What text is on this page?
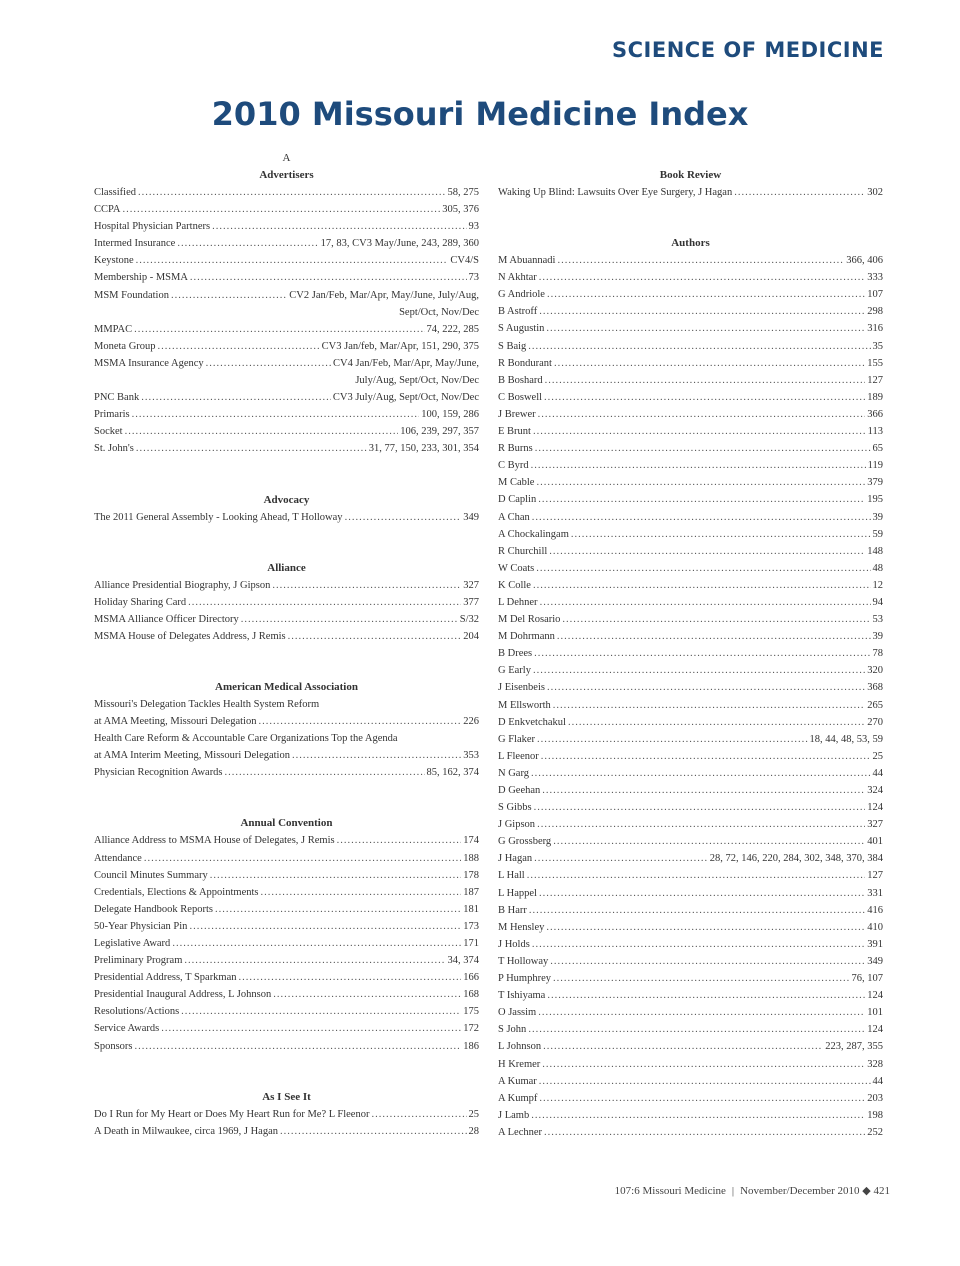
SCIENCE OF MEDICINE
2010 Missouri Medicine Index
A
Advertisers
Classified .....	58, 275
CCPA .....	305, 376
Hospital Physician Partners .....	93
Intermed Insurance .....	17, 83, CV3 May/June, 243, 289, 360
Keystone .....	CV4/S
Membership - MSMA .....	73
MSM Foundation .....	CV2 Jan/Feb, Mar/Apr, May/June, July/Aug,
Sept/Oct, Nov/Dec
MMPAC .....	74, 222, 285
Moneta Group .....	CV3 Jan/feb, Mar/Apr, 151, 290, 375
MSMA Insurance Agency .....	CV4 Jan/Feb, Mar/Apr, May/June,
July/Aug, Sept/Oct, Nov/Dec
PNC Bank .....	CV3 July/Aug, Sept/Oct, Nov/Dec
Primaris .....	100, 159, 286
Socket .....	106, 239, 297, 357
St. John's .....	31, 77, 150, 233, 301, 354
Advocacy
The 2011 General Assembly - Looking Ahead, T Holloway .....	349
Alliance
Alliance Presidential Biography, J Gipson .....	327
Holiday Sharing Card .....	377
MSMA Alliance Officer Directory .....	S/32
MSMA House of Delegates Address, J Remis .....	204
American Medical Association
Missouri's Delegation Tackles Health System Reform
at AMA Meeting, Missouri Delegation .....	226
Health Care Reform & Accountable Care Organizations Top the Agenda
at AMA Interim Meeting, Missouri Delegation .....	353
Physician Recognition Awards .....	85, 162, 374
Annual Convention
Alliance Address to MSMA House of Delegates, J Remis .....	174
Attendance .....	188
Council Minutes Summary .....	178
Credentials, Elections & Appointments .....	187
Delegate Handbook Reports .....	181
50-Year Physician Pin .....	173
Legislative Award .....	171
Preliminary Program .....	34, 374
Presidential Address, T Sparkman .....	166
Presidential Inaugural Address, L Johnson .....	168
Resolutions/Actions .....	175
Service Awards .....	172
Sponsors .....	186
As I See It
Do I Run for My Heart or Does My Heart Run for Me? L Fleenor .....	25
A Death in Milwaukee, circa 1969, J Hagan .....	28
Book Review
Waking Up Blind: Lawsuits Over Eye Surgery, J Hagan .....	302
Authors
M Abuannadi .....	366, 406
N Akhtar .....	333
G Andriole .....	107
B Astroff .....	298
S Augustin .....	316
S Baig .....	35
R Bondurant .....	155
B Boshard .....	127
C Boswell .....	189
J Brewer .....	366
E Brunt .....	113
R Burns .....	65
C Byrd .....	119
M Cable .....	379
D Caplin .....	195
A Chan .....	39
A Chockalingam .....	59
R Churchill .....	148
W Coats .....	48
K Colle .....	12
L Dehner .....	94
M Del Rosario .....	53
M Dohrmann .....	39
B Drees .....	78
G Early .....	320
J Eisenbeis .....	368
M Ellsworth .....	265
D Enkvetchakul .....	270
G Flaker .....	18, 44, 48, 53, 59
L Fleenor .....	25
N Garg .....	44
D Geehan .....	324
S Gibbs .....	124
J Gipson .....	327
G Grossberg .....	401
J Hagan .....	28, 72, 146, 220, 284, 302, 348, 370, 384
L Hall .....	127
L Happel .....	331
B Harr .....	416
M Hensley .....	410
J Holds .....	391
T Holloway .....	349
P Humphrey .....	76, 107
T Ishiyama .....	124
O Jassim .....	101
S John .....	124
L Johnson .....	223, 287, 355
H Kremer .....	328
A Kumar .....	44
A Kumpf .....	203
J Lamb .....	198
A Lechner .....	252
107:6 Missouri Medicine | November/December 2010 ◆ 421
